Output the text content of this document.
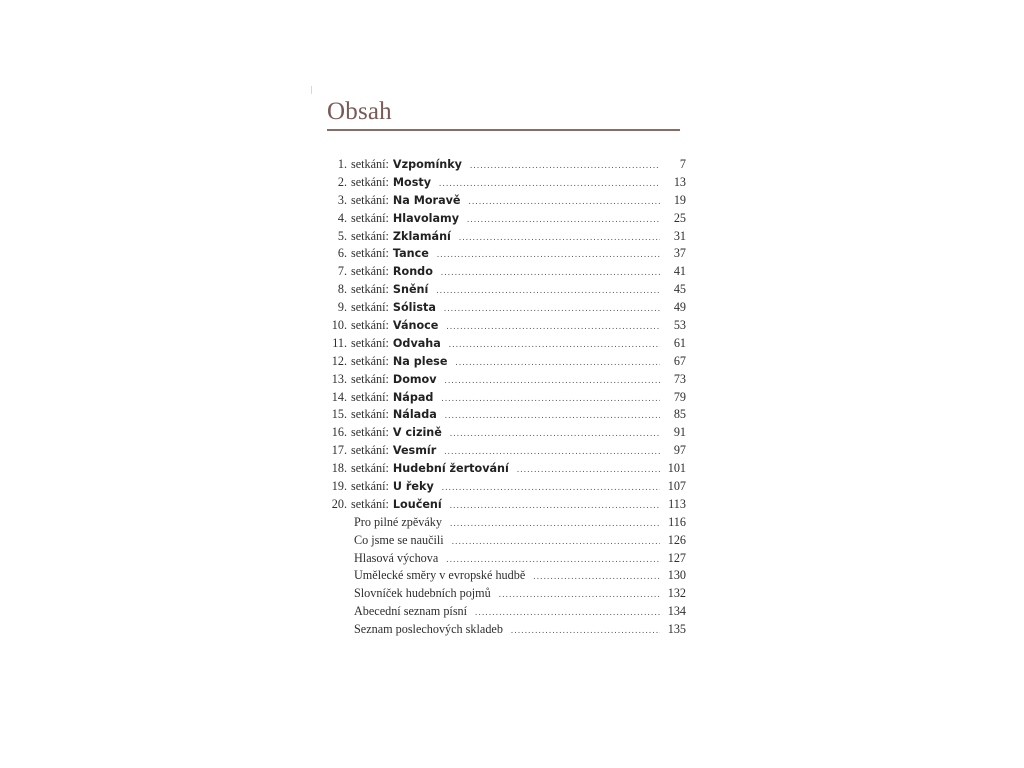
Obsah
1. setkání: Vzpomínky .....	7
2. setkání: Mosty .....	13
3. setkání: Na Moravě .....	19
4. setkání: Hlavolamy .....	25
5. setkání: Zklamání .....	31
6. setkání: Tance .....	37
7. setkání: Rondo .....	41
8. setkání: Snění .....	45
9. setkání: Sólista .....	49
10. setkání: Vánoce .....	53
11. setkání: Odvaha .....	61
12. setkání: Na plese .....	67
13. setkání: Domov .....	73
14. setkání: Nápad .....	79
15. setkání: Nálada .....	85
16. setkání: V cizině .....	91
17. setkání: Vesmír .....	97
18. setkání: Hudební žertování .....	101
19. setkání: U řeky .....	107
20. setkání: Loučení .....	113
Pro pilné zpěváky .....	116
Co jsme se naučili .....	126
Hlasová výchova .....	127
Umělecké směry v evropské hudbě .....	130
Slovníček hudebních pojmů .....	132
Abecední seznam písní .....	134
Seznam poslechových skladeb .....	135
